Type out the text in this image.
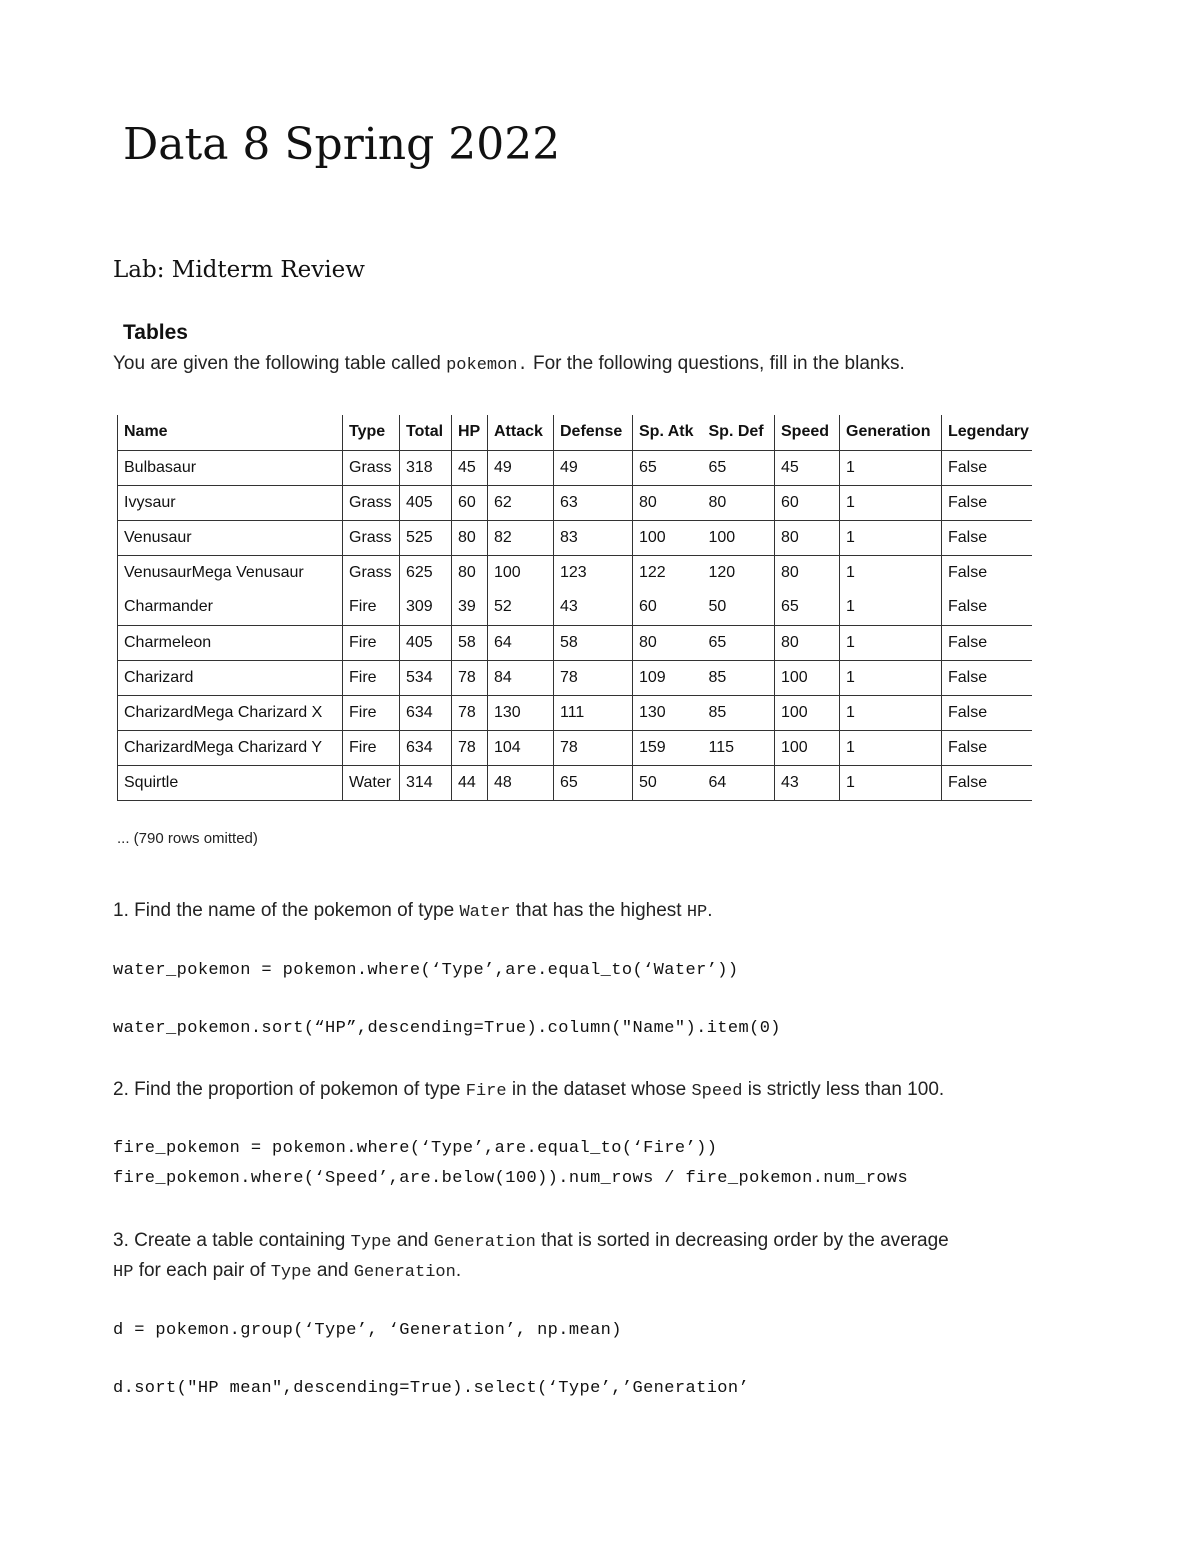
Data 8 Spring 2022
Lab: Midterm Review
Tables
You are given the following table called pokemon. For the following questions, fill in the blanks.
Name	Type	Total	HP	Attack	Defense	Sp. Atk	Sp. Def	Speed	Generation	Legendary
Bulbasaur	Grass	318	45	49	49	65	65	45	1	False
Ivysaur	Grass	405	60	62	63	80	80	60	1	False
Venusaur	Grass	525	80	82	83	100	100	80	1	False
VenusaurMega Venusaur	Grass	625	80	100	123	122	120	80	1	False
Charmander	Fire	309	39	52	43	60	50	65	1	False
Charmeleon	Fire	405	58	64	58	80	65	80	1	False
Charizard	Fire	534	78	84	78	109	85	100	1	False
CharizardMega Charizard X	Fire	634	78	130	111	130	85	100	1	False
CharizardMega Charizard Y	Fire	634	78	104	78	159	115	100	1	False
Squirtle	Water	314	44	48	65	50	64	43	1	False
... (790 rows omitted)
1. Find the name of the pokemon of type Water that has the highest HP.
water_pokemon = pokemon.where(‘Type’,are.equal_to(‘Water’))
water_pokemon.sort(“HP”,descending=True).column("Name").item(0)
2. Find the proportion of pokemon of type Fire in the dataset whose Speed is strictly less than 100.
fire_pokemon = pokemon.where(‘Type’,are.equal_to(‘Fire’))
fire_pokemon.where(‘Speed’,are.below(100)).num_rows / fire_pokemon.num_rows
3. Create a table containing Type and Generation that is sorted in decreasing order by the average
HP for each pair of Type and Generation.
d = pokemon.group(‘Type’, ‘Generation’, np.mean)
d.sort("HP mean",descending=True).select(‘Type’,’Generation’
